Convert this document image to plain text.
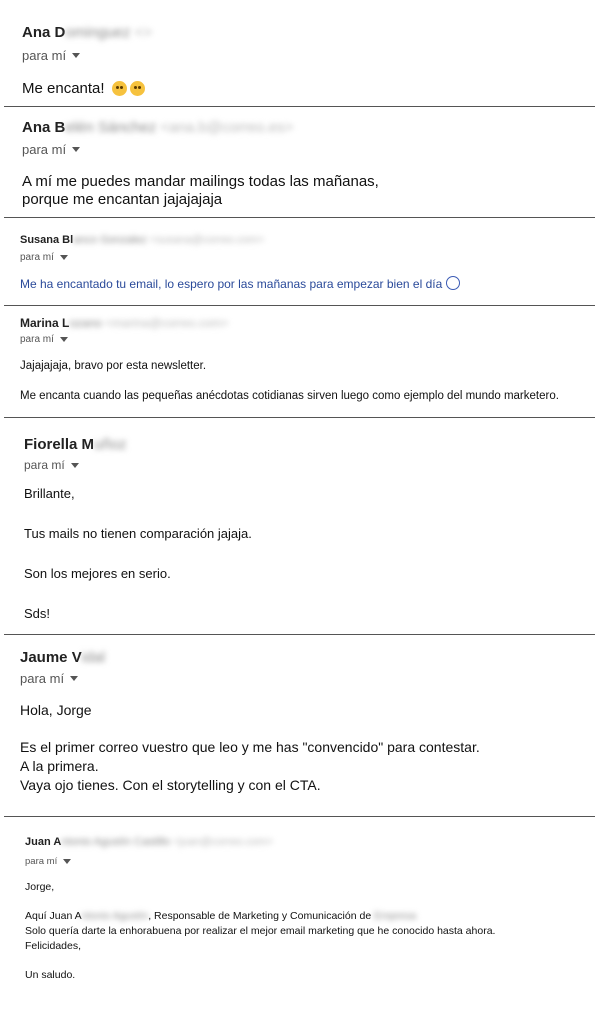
Ana D ominguez
<>
para mí

Me encanta!

Ana B elén Sánchez
<ana.b@correo.es>
para mí

A mí me puedes mandar mailings todas las mañanas,

porque me encantan jajajajaja

Susana Bl anco Gonzalez
<susana@correo.com>
para mí

Me ha encantado tu email, lo espero por las mañanas para empezar bien el día

Marina L ozano
<marina@correo.com>
para mí

Jajajajaja, bravo por esta newsletter.

Me encanta cuando las pequeñas anécdotas cotidianas sirven luego como ejemplo del mundo marketero.

Fiorella M uñoz
para mí

Brillante,

Tus mails no tienen comparación jajaja.

Son los mejores en serio.

Sds!

Jaume V idal
para mí

Hola, Jorge

Es el primer correo vuestro que leo y me has "convencido" para contestar.

A la primera.

Vaya ojo tienes. Con el storytelling y con el CTA.

Juan A ntonio Agustín Castillo
<juan@correo.com>
para mí

Jorge,

Aquí Juan Antonio Agustín, Responsable de Marketing y Comunicación de Empresa

Solo quería darte la enhorabuena por realizar el mejor email marketing que he conocido hasta ahora.

Felicidades,

Un saludo.
